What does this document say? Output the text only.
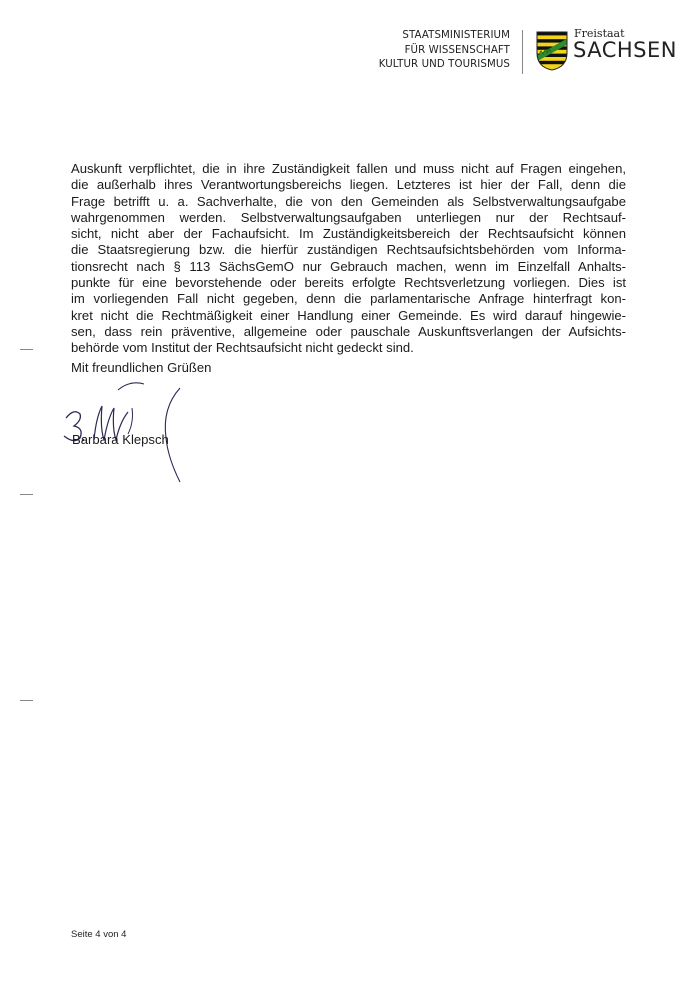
STAATSMINISTERIUM
FÜR WISSENSCHAFT
KULTUR UND TOURISMUS
Freistaat
SACHSEN
Auskunft verpflichtet, die in ihre Zuständigkeit fallen und muss nicht auf Fragen eingehen,
die außerhalb ihres Verantwortungsbereichs liegen. Letzteres ist hier der Fall, denn die
Frage betrifft u. a. Sachverhalte, die von den Gemeinden als Selbstverwaltungsaufgabe
wahrgenommen werden. Selbstverwaltungsaufgaben unterliegen nur der Rechtsauf-
sicht, nicht aber der Fachaufsicht. Im Zuständigkeitsbereich der Rechtsaufsicht können
die Staatsregierung bzw. die hierfür zuständigen Rechtsaufsichtsbehörden vom Informa-
tionsrecht nach § 113 SächsGemO nur Gebrauch machen, wenn im Einzelfall Anhalts-
punkte für eine bevorstehende oder bereits erfolgte Rechtsverletzung vorliegen. Dies ist
im vorliegenden Fall nicht gegeben, denn die parlamentarische Anfrage hinterfragt kon-
kret nicht die Rechtmäßigkeit einer Handlung einer Gemeinde. Es wird darauf hingewie-
sen, dass rein präventive, allgemeine oder pauschale Auskunftsverlangen der Aufsichts-
behörde vom Institut der Rechtsaufsicht nicht gedeckt sind.
Mit freundlichen Grüßen
Barbara Klepsch
Seite 4 von 4
